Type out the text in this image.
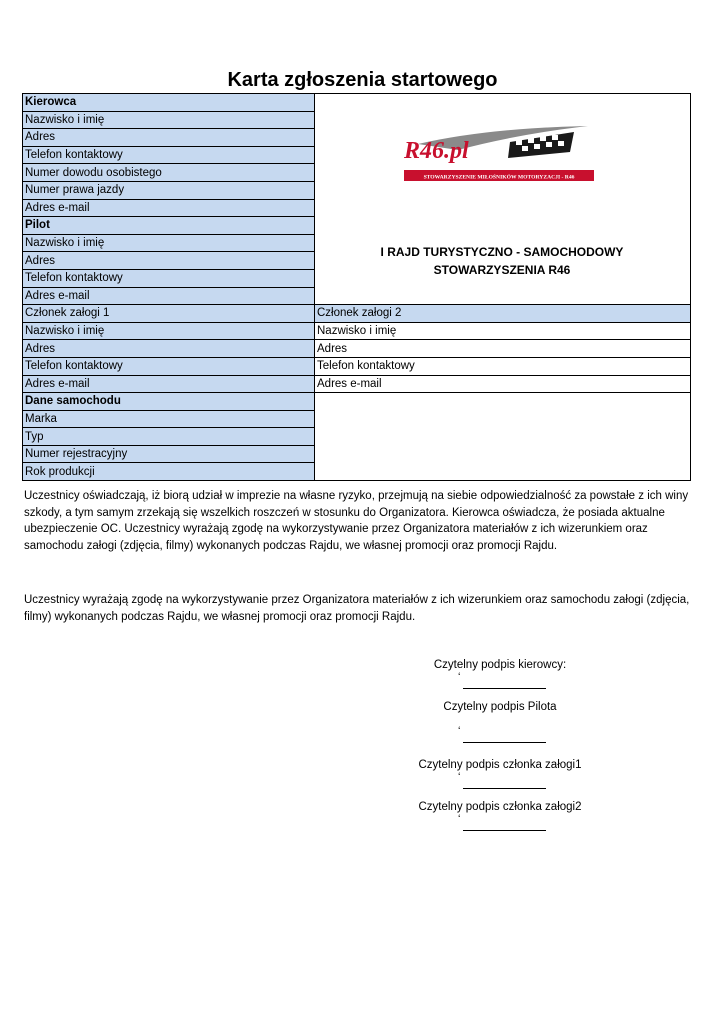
Karta zgłoszenia startowego
Kierowca	
Nazwisko i imię	
Adres	
Telefon kontaktowy	
Numer dowodu osobistego	
Numer prawa jazdy	
Adres e-mail	
Pilot	
Nazwisko i imię	
Adres	
Telefon kontaktowy	
Adres e-mail	
Członek załogi 1	Członek załogi 2
Nazwisko i imię	Nazwisko i imię
Adres	Adres
Telefon kontaktowy	Telefon kontaktowy
Adres e-mail	Adres e-mail
Dane samochodu	
Marka	
Typ	
Numer rejestracyjny	
Rok produkcji	
R46.pl
STOWARZYSZENIE MIŁOŚNIKÓW MOTORYZACJI - R46
I RAJD TURYSTYCZNO - SAMOCHODOWY
STOWARZYSZENIA R46
Uczestnicy oświadczają, iż biorą udział w imprezie na własne ryzyko, przejmują na siebie odpowiedzialność za powstałe z ich winy szkody, a tym samym zrzekają się wszelkich roszczeń w stosunku do Organizatora. Kierowca oświadcza, że posiada aktualne ubezpieczenie OC. Uczestnicy wyrażają zgodę na wykorzystywanie przez Organizatora materiałów z ich wizerunkiem oraz samochodu załogi (zdjęcia, filmy) wykonanych podczas Rajdu, we własnej promocji oraz promocji Rajdu.
Uczestnicy wyrażają zgodę na wykorzystywanie przez Organizatora materiałów z ich wizerunkiem oraz samochodu załogi (zdjęcia, filmy) wykonanych podczas Rajdu, we własnej promocji oraz promocji Rajdu.
Czytelny podpis kierowcy:
‘
Czytelny podpis Pilota
‘
Czytelny podpis członka załogi1
‘
Czytelny podpis członka załogi2
‘
